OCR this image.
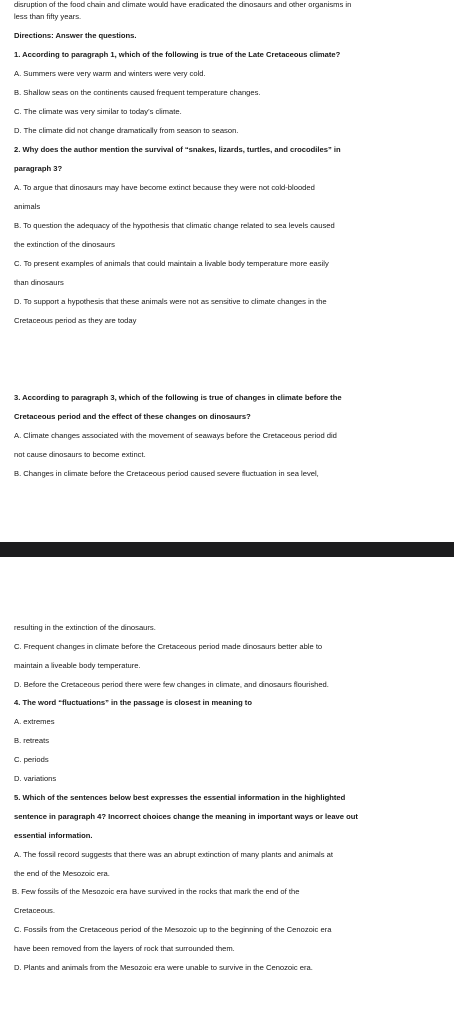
disruption of the food chain and climate would have eradicated the dinosaurs and other organisms in
less than fifty years.
Directions: Answer the questions.
1. According to paragraph 1, which of the following is true of the Late Cretaceous climate?
A. Summers were very warm and winters were very cold.
B. Shallow seas on the continents caused frequent temperature changes.
C. The climate was very similar to today’s climate.
D. The climate did not change dramatically from season to season.
2. Why does the author mention the survival of “snakes, lizards, turtles, and crocodiles” in
paragraph 3?
A. To argue that dinosaurs may have become extinct because they were not cold-blooded
animals
B. To question the adequacy of the hypothesis that climatic change related to sea levels caused
the extinction of the dinosaurs
C. To present examples of animals that could maintain a livable body temperature more easily
than dinosaurs
D. To support a hypothesis that these animals were not as sensitive to climate changes in the
Cretaceous period as they are today
3. According to paragraph 3, which of the following is true of changes in climate before the
Cretaceous period and the effect of these changes on dinosaurs?
A. Climate changes associated with the movement of seaways before the Cretaceous period did
not cause dinosaurs to become extinct.
B. Changes in climate before the Cretaceous period caused severe fluctuation in sea level,
resulting in the extinction of the dinosaurs.
C. Frequent changes in climate before the Cretaceous period made dinosaurs better able to
maintain a liveable body temperature.
D. Before the Cretaceous period there were few changes in climate, and dinosaurs flourished.
4. The word “fluctuations” in the passage is closest in meaning to
A. extremes
B. retreats
C. periods
D. variations
5. Which of the sentences below best expresses the essential information in the highlighted
sentence in paragraph 4? Incorrect choices change the meaning in important ways or leave out
essential information.
A. The fossil record suggests that there was an abrupt extinction of many plants and animals at
the end of the Mesozoic era.
B. Few fossils of the Mesozoic era have survived in the rocks that mark the end of the
Cretaceous.
C. Fossils from the Cretaceous period of the Mesozoic up to the beginning of the Cenozoic era
have been removed from the layers of rock that surrounded them.
D. Plants and animals from the Mesozoic era were unable to survive in the Cenozoic era.
